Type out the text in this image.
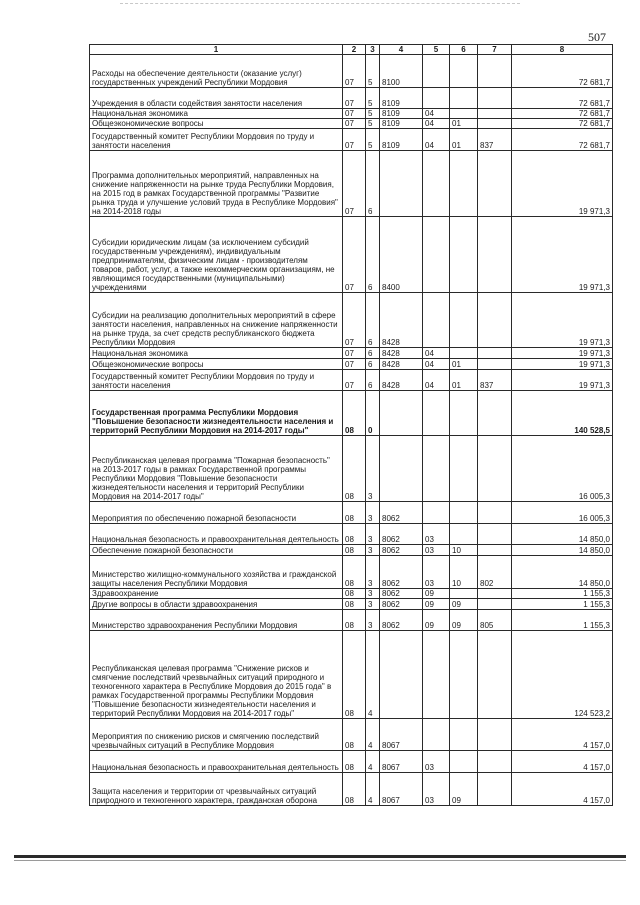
507
1	2	3	4	5	6	7	8
Расходы на обеспечение деятельности (оказание услуг) государственных учреждений Республики Мордовия	07	5	8100				72 681,7
Учреждения в области содействия занятости населения	07	5	8109				72 681,7
Национальная экономика	07	5	8109	04			72 681,7
Общеэкономические вопросы	07	5	8109	04	01		72 681,7
Государственный комитет Республики Мордовия по труду и занятости населения	07	5	8109	04	01	837	72 681,7
Программа дополнительных мероприятий, направленных на снижение напряженности на рынке труда Республики Мордовия, на 2015 год в рамках Государственной программы "Развитие рынка труда и улучшение условий труда в Республике Мордовия" на 2014-2018 годы	07	6					19 971,3
Субсидии юридическим лицам (за исключением субсидий государственным учреждениям), индивидуальным предпринимателям, физическим лицам - производителям товаров, работ, услуг, а также некоммерческим организациям, не являющимся государственными (муниципальными) учреждениями	07	6	8400				19 971,3
Субсидии на реализацию дополнительных мероприятий в сфере занятости населения, направленных на снижение напряженности на рынке труда, за счет средств республиканского бюджета Республики Мордовия	07	6	8428				19 971,3
Национальная экономика	07	6	8428	04			19 971,3
Общеэкономические вопросы	07	6	8428	04	01		19 971,3
Государственный комитет Республики Мордовия по труду и занятости населения	07	6	8428	04	01	837	19 971,3
Государственная программа Республики Мордовия "Повышение безопасности жизнедеятельности населения и территорий Республики Мордовия на 2014-2017 годы"	08	0					140 528,5
Республиканская целевая программа "Пожарная безопасность" на 2013-2017 годы в рамках Государственной программы Республики Мордовия "Повышение безопасности жизнедеятельности населения и территорий Республики Мордовия на 2014-2017 годы"	08	3					16 005,3
Мероприятия по обеспечению пожарной безопасности	08	3	8062				16 005,3
Национальная безопасность и правоохранительная деятельность	08	3	8062	03			14 850,0
Обеспечение пожарной безопасности	08	3	8062	03	10		14 850,0
Министерство жилищно-коммунального хозяйства и гражданской защиты населения Республики Мордовия	08	3	8062	03	10	802	14 850,0
Здравоохранение	08	3	8062	09			1 155,3
Другие вопросы в области здравоохранения	08	3	8062	09	09		1 155,3
Министерство здравоохранения Республики Мордовия	08	3	8062	09	09	805	1 155,3
Республиканская целевая программа "Снижение рисков и смягчение последствий чрезвычайных ситуаций природного и техногенного характера в Республике Мордовия до 2015 года" в рамках Государственной программы Республики Мордовия "Повышение безопасности жизнедеятельности населения и территорий Республики Мордовия на 2014-2017 годы"	08	4					124 523,2
Мероприятия по снижению рисков и смягчению последствий чрезвычайных ситуаций в Республике Мордовия	08	4	8067				4 157,0
Национальная безопасность и правоохранительная деятельность	08	4	8067	03			4 157,0
Защита населения и территории от чрезвычайных ситуаций природного и техногенного характера, гражданская оборона	08	4	8067	03	09		4 157,0
